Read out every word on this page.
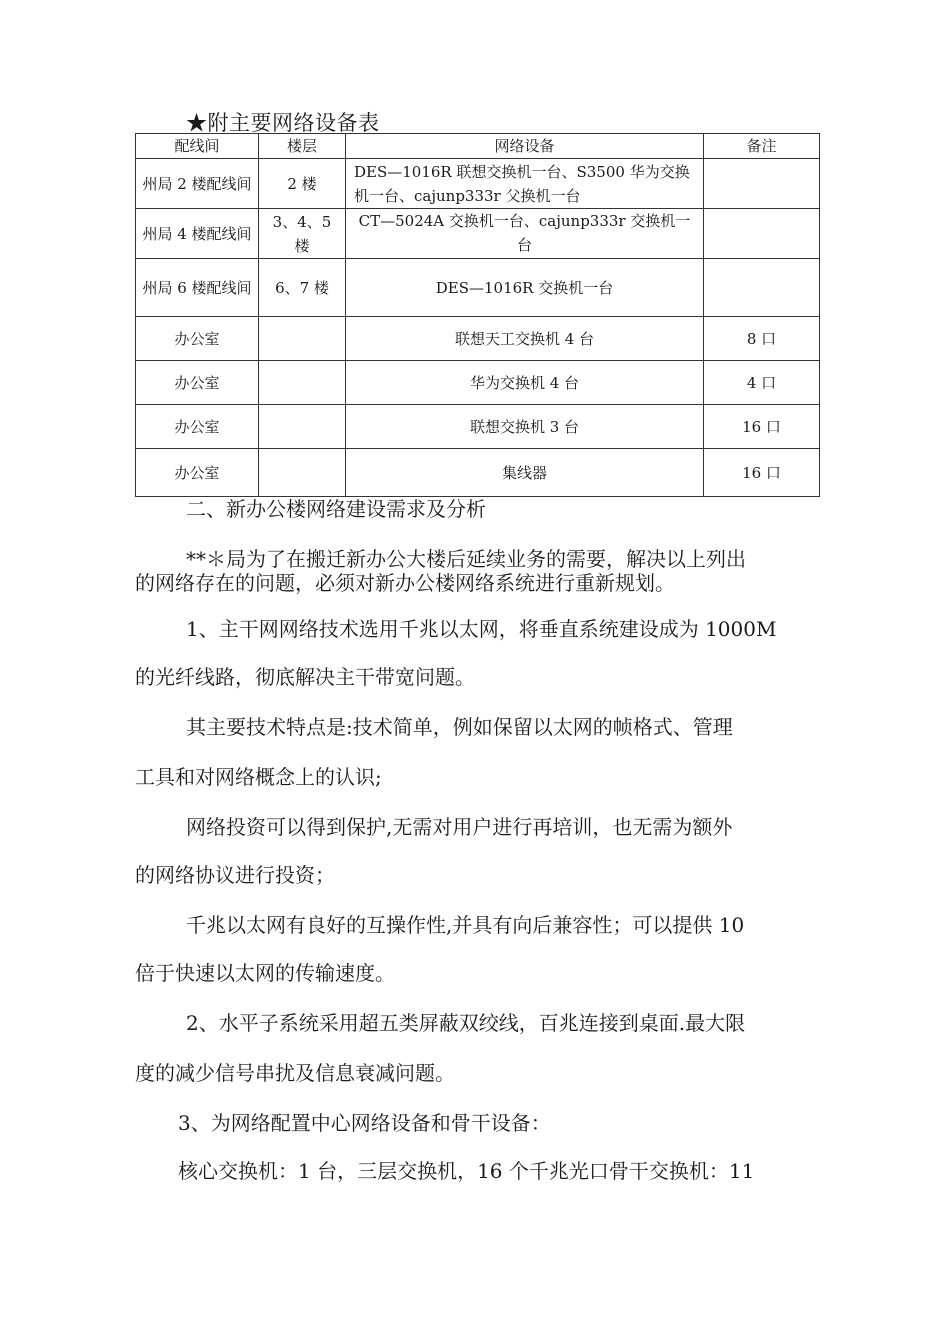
★附主要网络设备表
配线间	楼层	网络设备	备注
州局 2 楼配线间	2 楼	DES—1016R 联想交换机一台、S3500 华为交换机一台、cajunp333r 父换机一台	
州局 4 楼配线间	3、4、5 楼	CT—5024A 交换机一台、cajunp333r 交换机一台	
州局 6 楼配线间	6、7 楼	DES—1016R 交换机一台	
办公室		联想天工交换机 4 台	8 口
办公室		华为交换机 4 台	4 口
办公室		联想交换机 3 台	16 口
办公室		集线器	16 口

二、新办公楼网络建设需求及分析

**＊局为了在搬迁新办公大楼后延续业务的需要，解决以上列出

的网络存在的问题，必须对新办公楼网络系统进行重新规划。

1、主干网网络技术选用千兆以太网，将垂直系统建设成为 1000M

的光纤线路，彻底解决主干带宽问题。

其主要技术特点是:技术简单，例如保留以太网的帧格式、管理

工具和对网络概念上的认识;

网络投资可以得到保护,无需对用户进行再培训，也无需为额外

的网络协议进行投资；

千兆以太网有良好的互操作性,并具有向后兼容性；可以提供 10

倍于快速以太网的传输速度。

2、水平子系统采用超五类屏蔽双绞线，百兆连接到桌面.最大限

度的减少信号串扰及信息衰减问题。

3、为网络配置中心网络设备和骨干设备：

核心交换机：1 台，三层交换机，16 个千兆光口骨干交换机：11
